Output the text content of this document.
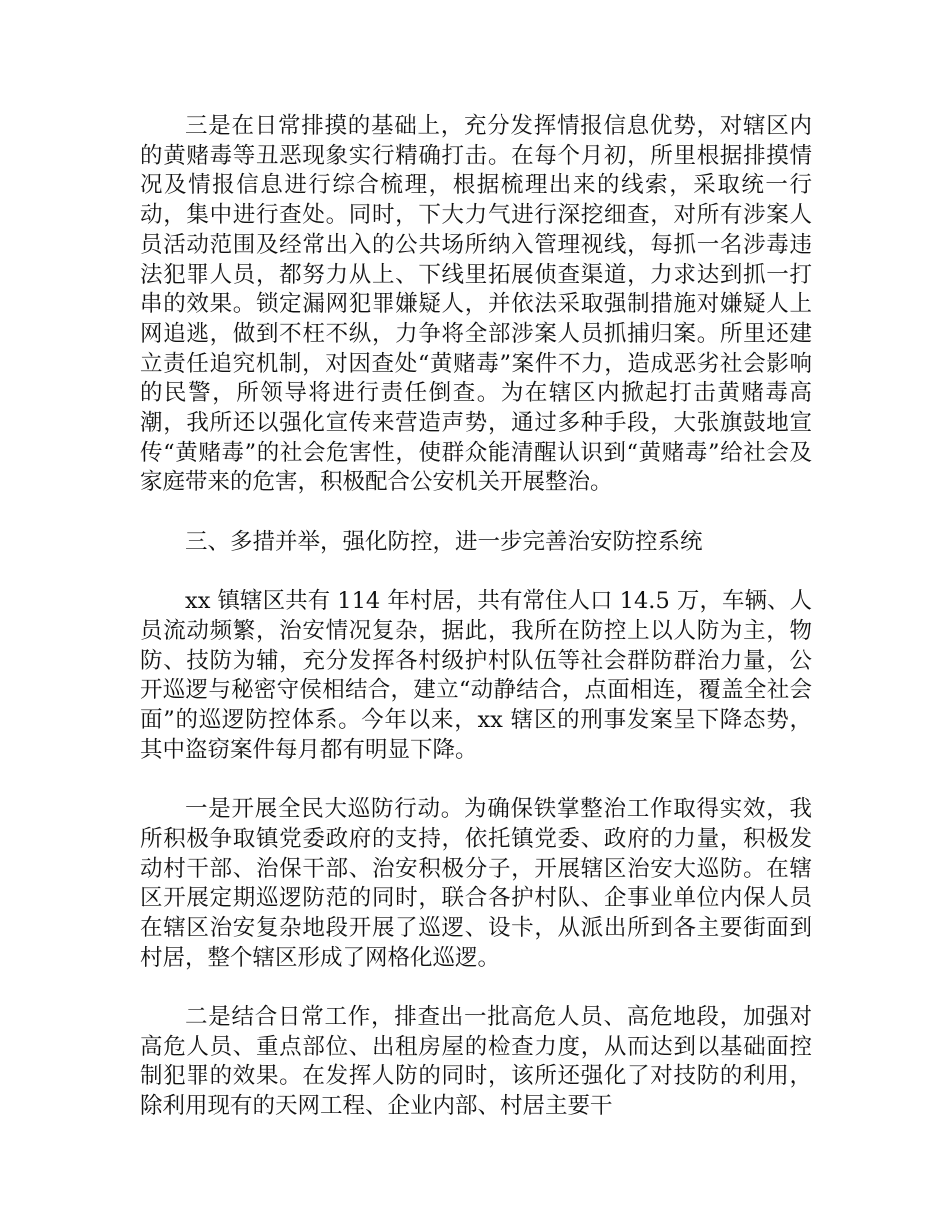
三是在日常排摸的基础上，充分发挥情报信息优势，对辖区内的黄赌毒等丑恶现象实行精确打击。在每个月初，所里根据排摸情况及情报信息进行综合梳理，根据梳理出来的线索，采取统一行动，集中进行查处。同时，下大力气进行深挖细查，对所有涉案人员活动范围及经常出入的公共场所纳入管理视线，每抓一名涉毒违法犯罪人员，都努力从上、下线里拓展侦查渠道，力求达到抓一打串的效果。锁定漏网犯罪嫌疑人，并依法采取强制措施对嫌疑人上网追逃，做到不枉不纵，力争将全部涉案人员抓捕归案。所里还建立责任追究机制，对因查处“黄赌毒”案件不力，造成恶劣社会影响的民警，所领导将进行责任倒查。为在辖区内掀起打击黄赌毒高潮，我所还以强化宣传来营造声势，通过多种手段，大张旗鼓地宣传“黄赌毒”的社会危害性，使群众能清醒认识到“黄赌毒”给社会及家庭带来的危害，积极配合公安机关开展整治。

三、多措并举，强化防控，进一步完善治安防控系统

xx 镇辖区共有 114 年村居，共有常住人口 14.5 万，车辆、人员流动频繁，治安情况复杂，据此，我所在防控上以人防为主，物防、技防为辅，充分发挥各村级护村队伍等社会群防群治力量，公开巡逻与秘密守侯相结合，建立“动静结合，点面相连，覆盖全社会面”的巡逻防控体系。今年以来，xx 辖区的刑事发案呈下降态势，其中盗窃案件每月都有明显下降。

一是开展全民大巡防行动。为确保铁掌整治工作取得实效，我所积极争取镇党委政府的支持，依托镇党委、政府的力量，积极发动村干部、治保干部、治安积极分子，开展辖区治安大巡防。在辖区开展定期巡逻防范的同时，联合各护村队、企事业单位内保人员在辖区治安复杂地段开展了巡逻、设卡，从派出所到各主要街面到村居，整个辖区形成了网格化巡逻。

二是结合日常工作，排查出一批高危人员、高危地段，加强对高危人员、重点部位、出租房屋的检查力度，从而达到以基础面控制犯罪的效果。在发挥人防的同时，该所还强化了对技防的利用，除利用现有的天网工程、企业内部、村居主要干
